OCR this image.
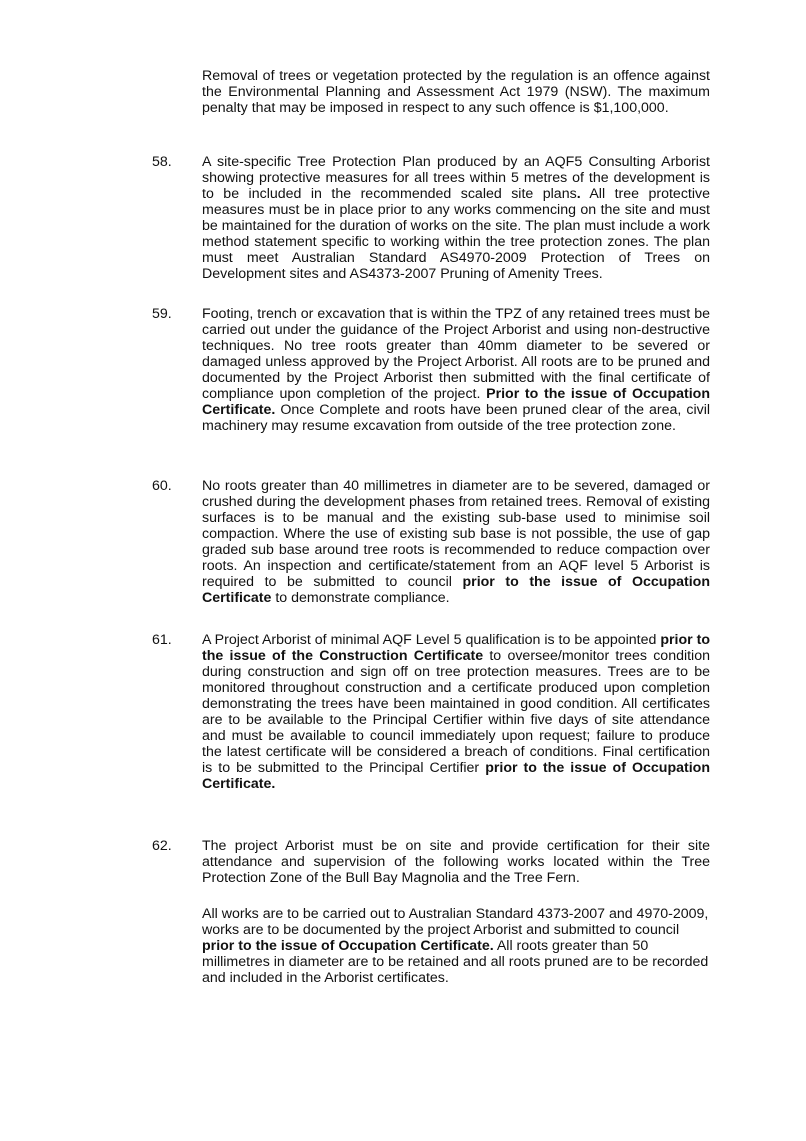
Removal of trees or vegetation protected by the regulation is an offence against the Environmental Planning and Assessment Act 1979 (NSW). The maximum penalty that may be imposed in respect to any such offence is $1,100,000.
58. A site-specific Tree Protection Plan produced by an AQF5 Consulting Arborist showing protective measures for all trees within 5 metres of the development is to be included in the recommended scaled site plans. All tree protective measures must be in place prior to any works commencing on the site and must be maintained for the duration of works on the site. The plan must include a work method statement specific to working within the tree protection zones. The plan must meet Australian Standard AS4970-2009 Protection of Trees on Development sites and AS4373-2007 Pruning of Amenity Trees.
59. Footing, trench or excavation that is within the TPZ of any retained trees must be carried out under the guidance of the Project Arborist and using non-destructive techniques. No tree roots greater than 40mm diameter to be severed or damaged unless approved by the Project Arborist. All roots are to be pruned and documented by the Project Arborist then submitted with the final certificate of compliance upon completion of the project. Prior to the issue of Occupation Certificate. Once Complete and roots have been pruned clear of the area, civil machinery may resume excavation from outside of the tree protection zone.
60. No roots greater than 40 millimetres in diameter are to be severed, damaged or crushed during the development phases from retained trees. Removal of existing surfaces is to be manual and the existing sub-base used to minimise soil compaction. Where the use of existing sub base is not possible, the use of gap graded sub base around tree roots is recommended to reduce compaction over roots. An inspection and certificate/statement from an AQF level 5 Arborist is required to be submitted to council prior to the issue of Occupation Certificate to demonstrate compliance.
61. A Project Arborist of minimal AQF Level 5 qualification is to be appointed prior to the issue of the Construction Certificate to oversee/monitor trees condition during construction and sign off on tree protection measures. Trees are to be monitored throughout construction and a certificate produced upon completion demonstrating the trees have been maintained in good condition. All certificates are to be available to the Principal Certifier within five days of site attendance and must be available to council immediately upon request; failure to produce the latest certificate will be considered a breach of conditions. Final certification is to be submitted to the Principal Certifier prior to the issue of Occupation Certificate.
62. The project Arborist must be on site and provide certification for their site attendance and supervision of the following works located within the Tree Protection Zone of the Bull Bay Magnolia and the Tree Fern.
All works are to be carried out to Australian Standard 4373-2007 and 4970-2009, works are to be documented by the project Arborist and submitted to council prior to the issue of Occupation Certificate. All roots greater than 50 millimetres in diameter are to be retained and all roots pruned are to be recorded and included in the Arborist certificates.
